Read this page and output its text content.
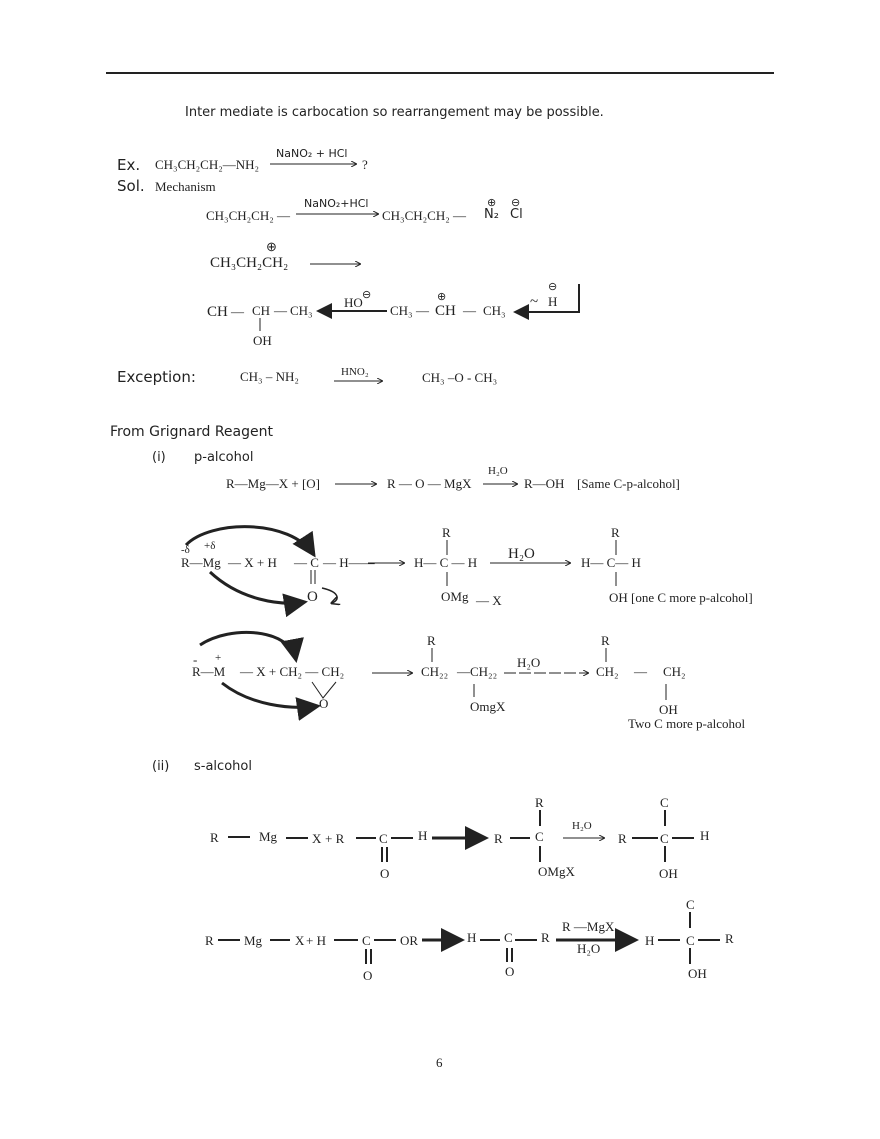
Inter mediate is carbocation so rearrangement may be possible.
Ex. CH₃CH₂CH₂—NH₂
NaNO₂ + HCl
?
Sol. Mechanism
CH₃CH₂CH₂ —
NaNO₂+HCl
CH₃CH₂CH₂ —
⊕
N₂
⊖
Cl
⊕
CH₃CH₂CH₂
CH — CH — CH₃
OH
HO ⊖
CH₃ —
⊕
CH — CH₃
~
⊖
H
Exception:	CH₃ – NH₂	HNO₂	CH₃ –O - CH₃
From Grignard Reagent
(i) p-alcohol
R—Mg—X + [O]	R — O — MgX
H₂O
R—OH [Same C-p-alcohol]
-δ +δ
R—Mg — X + H — C — H——
O
R
H— C — H
OMg — X
H₂O
R
H— C— H
OH [one C more p-alcohol]
- +
R—M — X + CH₂ — CH₂
O
R
CH₂₂ —CH₂₂
OmgX
H₂O
R
CH₂ — CH₂
OH
Two C more p-alcohol
(ii) s-alcohol
R	Mg	X + R	C H
O
R
R C
OMgX
H₂O
C
R	C H
OH
R Mg	X + H	C OR
O
H C R
O
R —MgX
H₂O
C
H C R
OH
6
